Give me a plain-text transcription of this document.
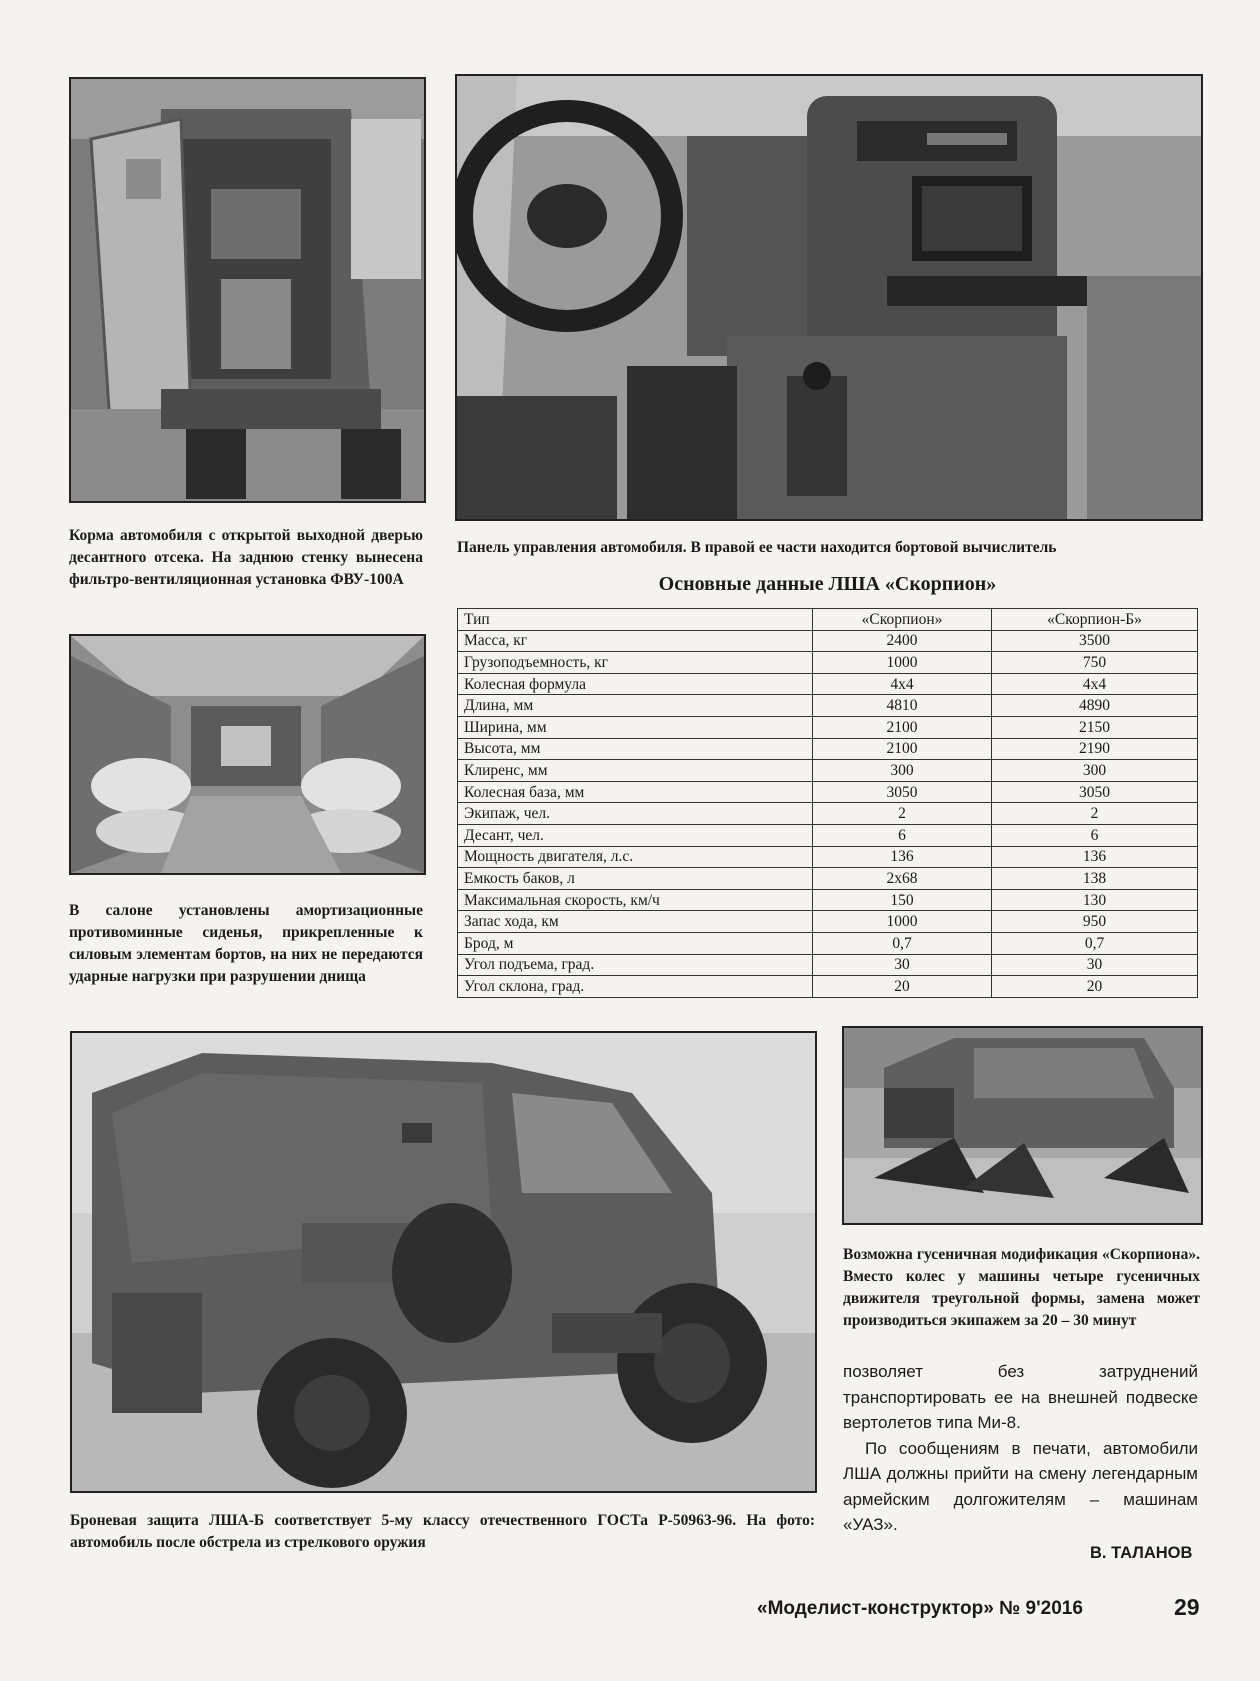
Корма автомобиля с открытой выходной дверью десантного отсека. На заднюю стенку вынесена фильтро-вентиляционная установка ФВУ-100А
Панель управления автомобиля. В правой ее части находится бортовой вычислитель
Основные данные ЛША «Скорпион»
Тип	«Скорпион»	«Скорпион-Б»
Масса, кг	2400	3500
Грузоподъемность, кг	1000	750
Колесная формула	4x4	4x4
Длина, мм	4810	4890
Ширина, мм	2100	2150
Высота, мм	2100	2190
Клиренс, мм	300	300
Колесная база, мм	3050	3050
Экипаж, чел.	2	2
Десант, чел.	6	6
Мощность двигателя, л.с.	136	136
Емкость баков, л	2x68	138
Максимальная скорость, км/ч	150	130
Запас хода, км	1000	950
Брод, м	0,7	0,7
Угол подъема, град.	30	30
Угол склона, град.	20	20
В салоне установлены амортизационные противоминные сиденья, прикрепленные к силовым элементам бортов, на них не передаются ударные нагрузки при разрушении днища
Броневая защита ЛША-Б соответствует 5-му классу отечественного ГОСТа Р-50963-96. На фото: автомобиль после обстрела из стрелкового оружия
Возможна гусеничная модификация «Скорпиона». Вместо колес у машины четыре гусеничных движителя треугольной формы, замена может производиться экипажем за 20 – 30 минут

позволяет без затруднений транспортировать ее на внешней подвеске вертолетов типа Ми-8.

По сообщениям в печати, автомобили ЛША должны прийти на смену легендарным армейским долгожителям – машинам «УАЗ».

В. ТАЛАНОВ
«Моделист-конструктор» № 9'2016	29
